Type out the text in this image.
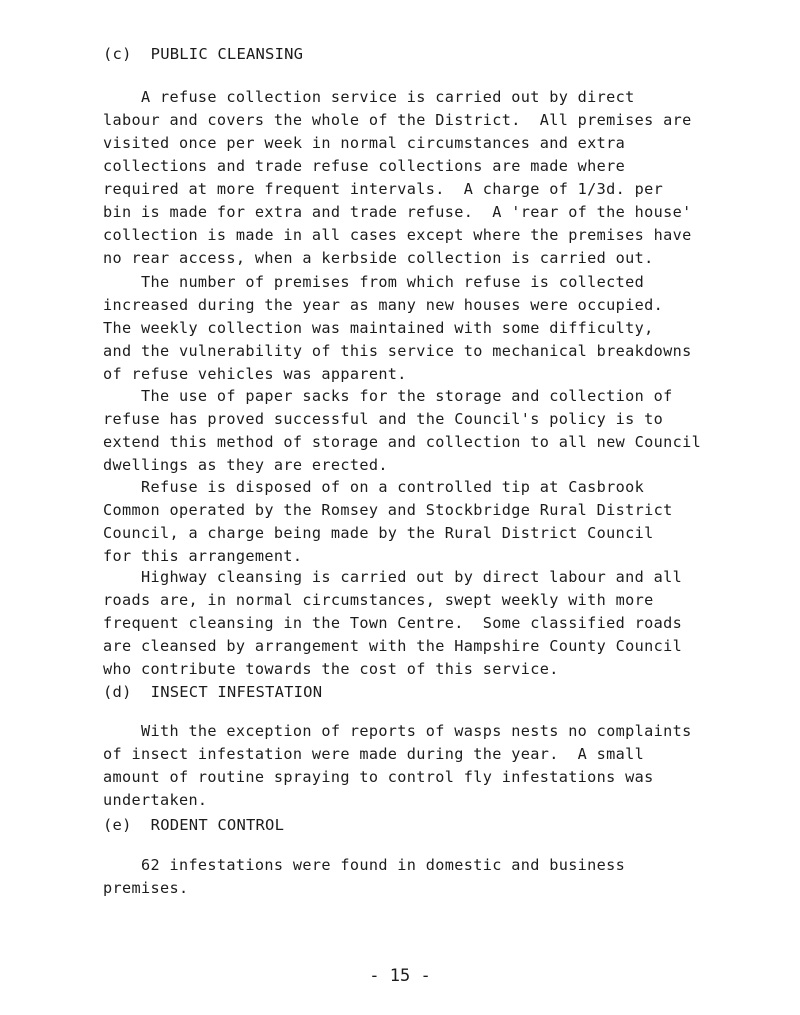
(c)  PUBLIC CLEANSING
A refuse collection service is carried out by direct
labour and covers the whole of the District.  All premises are
visited once per week in normal circumstances and extra
collections and trade refuse collections are made where
required at more frequent intervals.  A charge of 1/3d. per
bin is made for extra and trade refuse.  A 'rear of the house'
collection is made in all cases except where the premises have
no rear access, when a kerbside collection is carried out.
The number of premises from which refuse is collected
increased during the year as many new houses were occupied.
The weekly collection was maintained with some difficulty,
and the vulnerability of this service to mechanical breakdowns
of refuse vehicles was apparent.
The use of paper sacks for the storage and collection of
refuse has proved successful and the Council's policy is to
extend this method of storage and collection to all new Council
dwellings as they are erected.
Refuse is disposed of on a controlled tip at Casbrook
Common operated by the Romsey and Stockbridge Rural District
Council, a charge being made by the Rural District Council
for this arrangement.
Highway cleansing is carried out by direct labour and all
roads are, in normal circumstances, swept weekly with more
frequent cleansing in the Town Centre.  Some classified roads
are cleansed by arrangement with the Hampshire County Council
who contribute towards the cost of this service.
(d)  INSECT INFESTATION
With the exception of reports of wasps nests no complaints
of insect infestation were made during the year.  A small
amount of routine spraying to control fly infestations was
undertaken.
(e)  RODENT CONTROL
62 infestations were found in domestic and business
premises.
- 15 -
